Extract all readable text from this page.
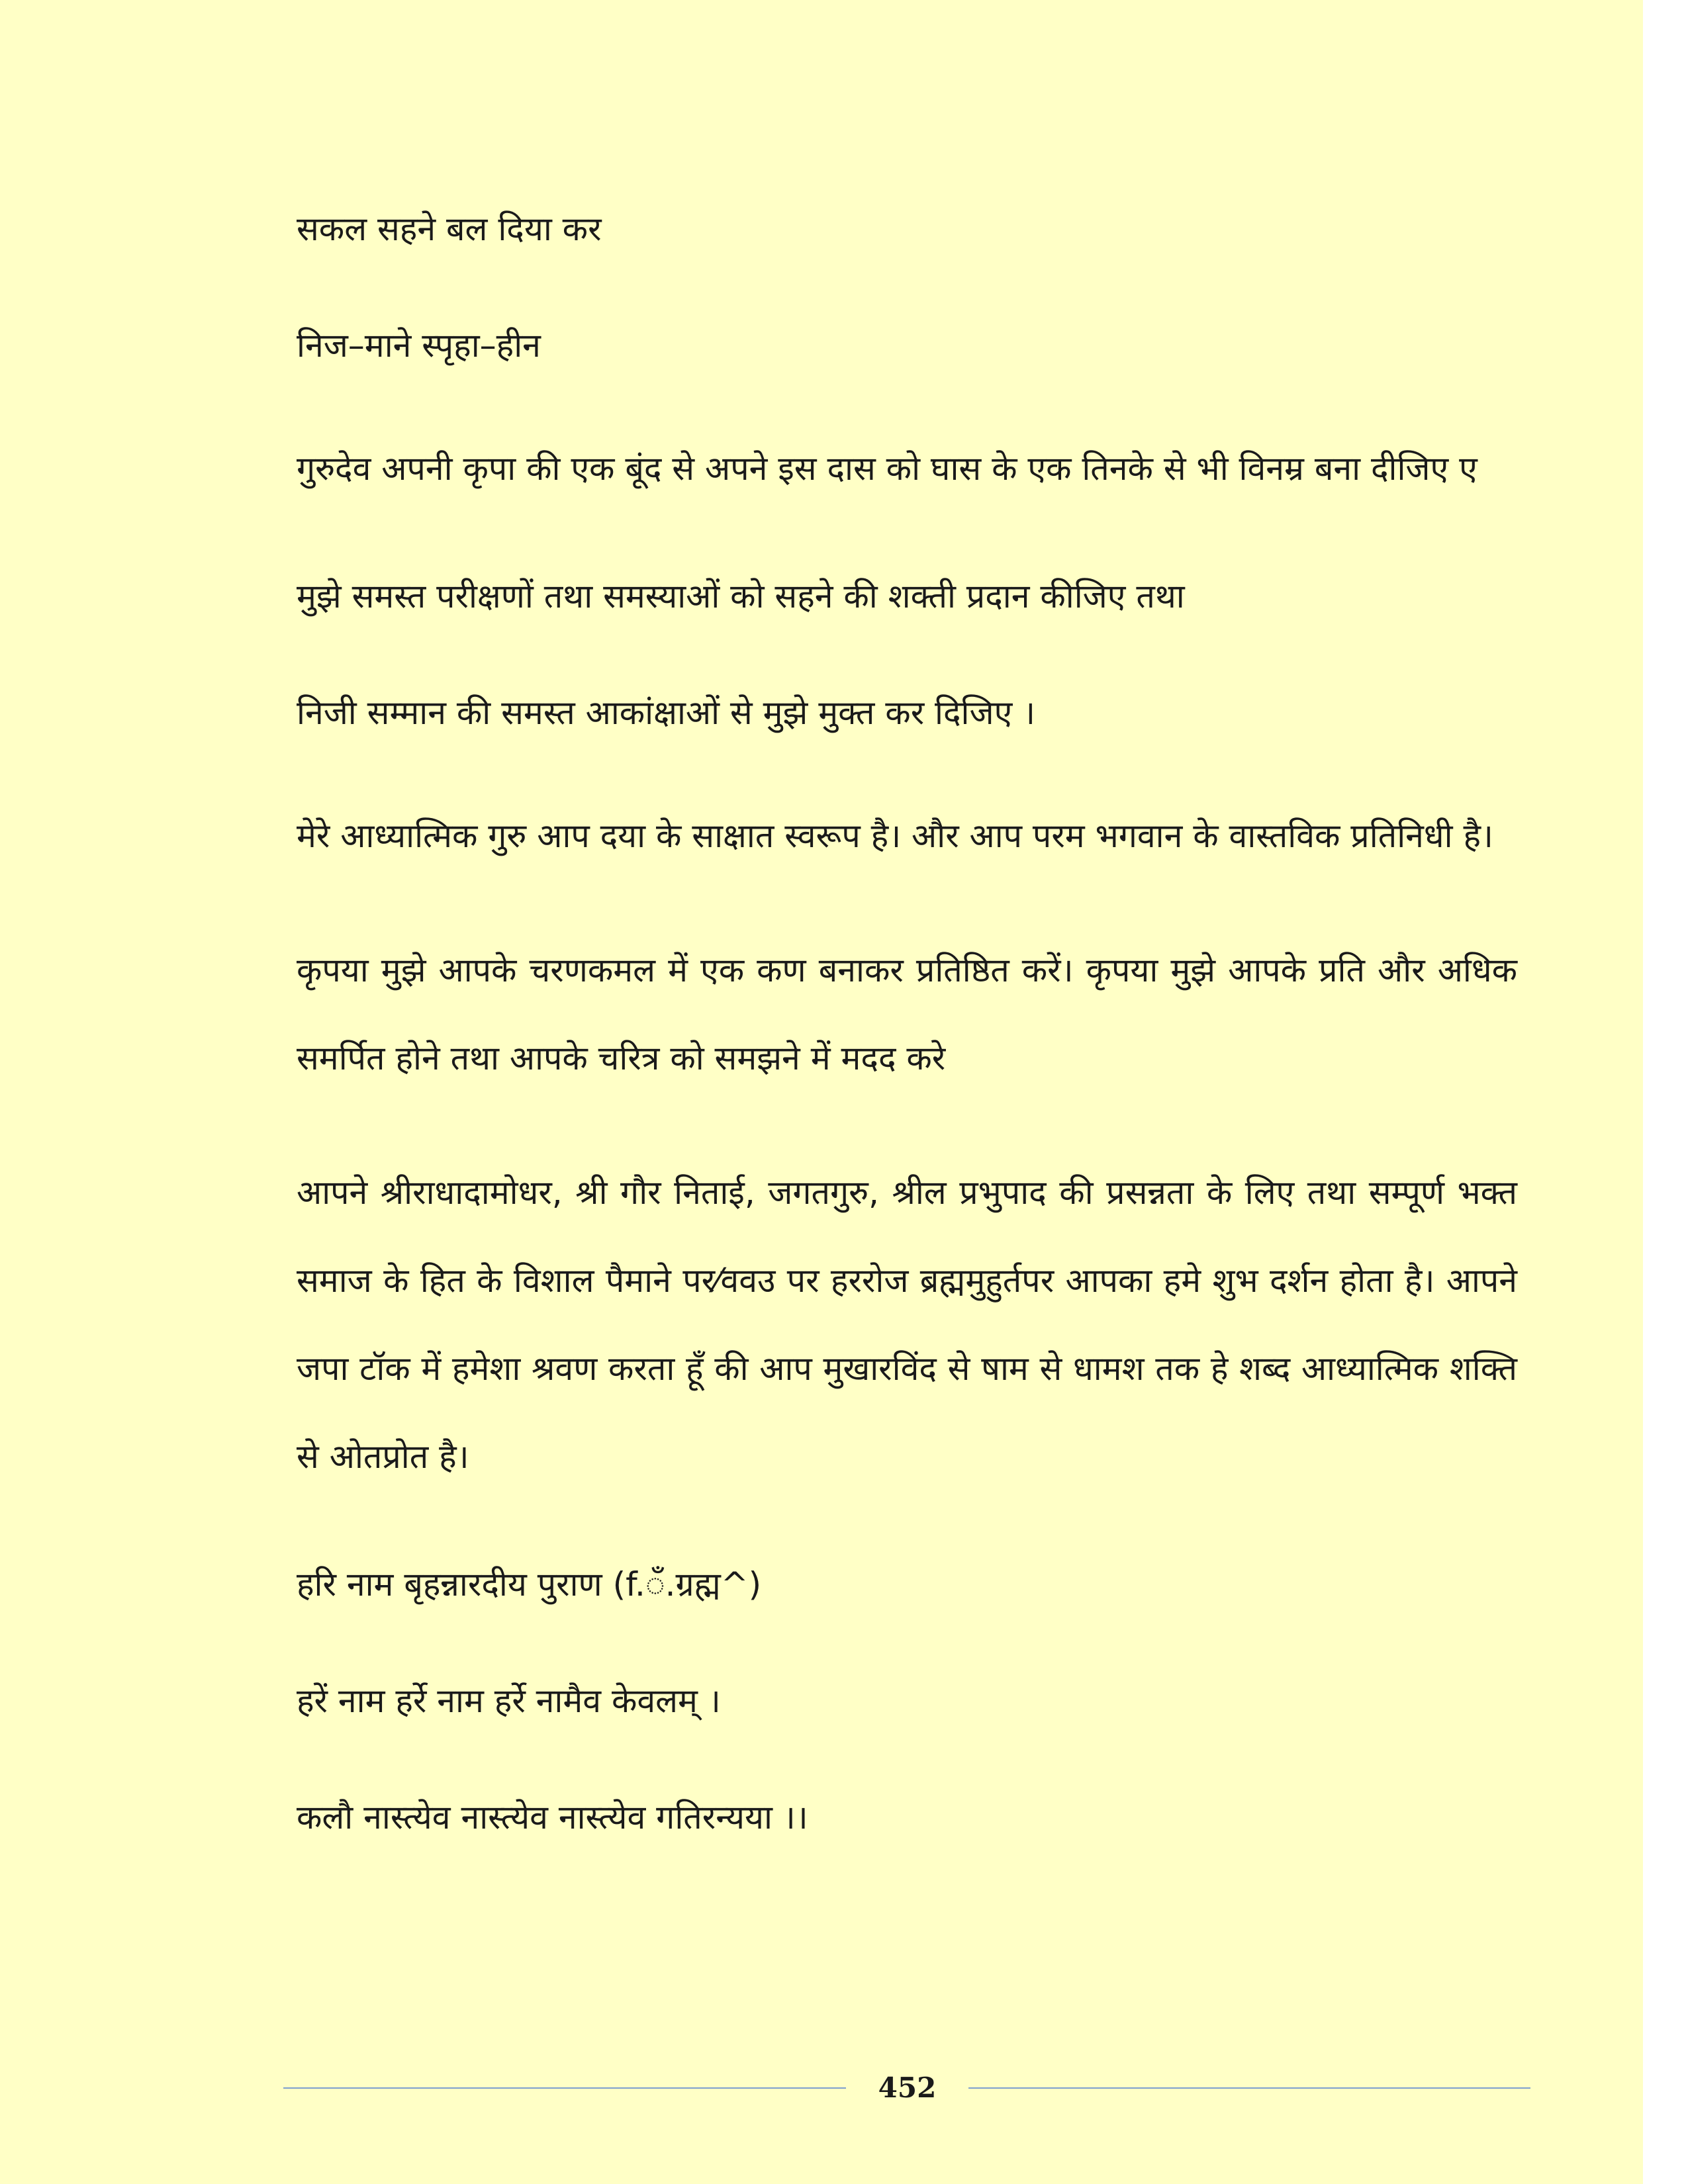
सकल सहने बल दिया कर

निज–माने स्पृहा–हीन

गुरुदेव अपनी कृपा की एक बूंद से अपने इस दास को घास के एक तिनके से भी विनम्र बना दीजिए ए

मुझे समस्त परीक्षणों तथा समस्याओं को सहने की शक्ती प्रदान कीजिए तथा

निजी सम्मान की समस्त आकांक्षाओं से मुझे मुक्त कर दिजिए ।

मेरे आध्यात्मिक गुरु आप दया के साक्षात स्वरूप है। और आप परम भगवान के वास्तविक प्रतिनिधी है।

कृपया मुझे आपके चरणकमल में एक कण बनाकर प्रतिष्ठित करें। कृपया मुझे आपके प्रति और अधिक समर्पित होने तथा आपके चरित्र को समझने में मदद करे

आपने श्रीराधादामोधर, श्री गौर निताई, जगतगुरु, श्रील प्रभुपाद की प्रसन्नता के लिए तथा सम्पूर्ण भक्त समाज के हित के विशाल पैमाने पर⁄ववउ पर हररोज ब्रह्ममुहुर्तपर आपका हमे शुभ दर्शन होता है। आपने जपा टॉक में हमेशा श्रवण करता हूँ की आप मुखारविंद से षाम से धामश तक हे शब्द आध्यात्मिक शक्ति से ओतप्रोत है।

हरि नाम बृहन्नारदीय पुराण (f.ँ.ग्रह्म^)

हरें नाम हर्रे नाम हर्रे नामैव केवलम् ।

कलौ नास्त्येव नास्त्येव नास्त्येव गतिरन्यया ।।

452
